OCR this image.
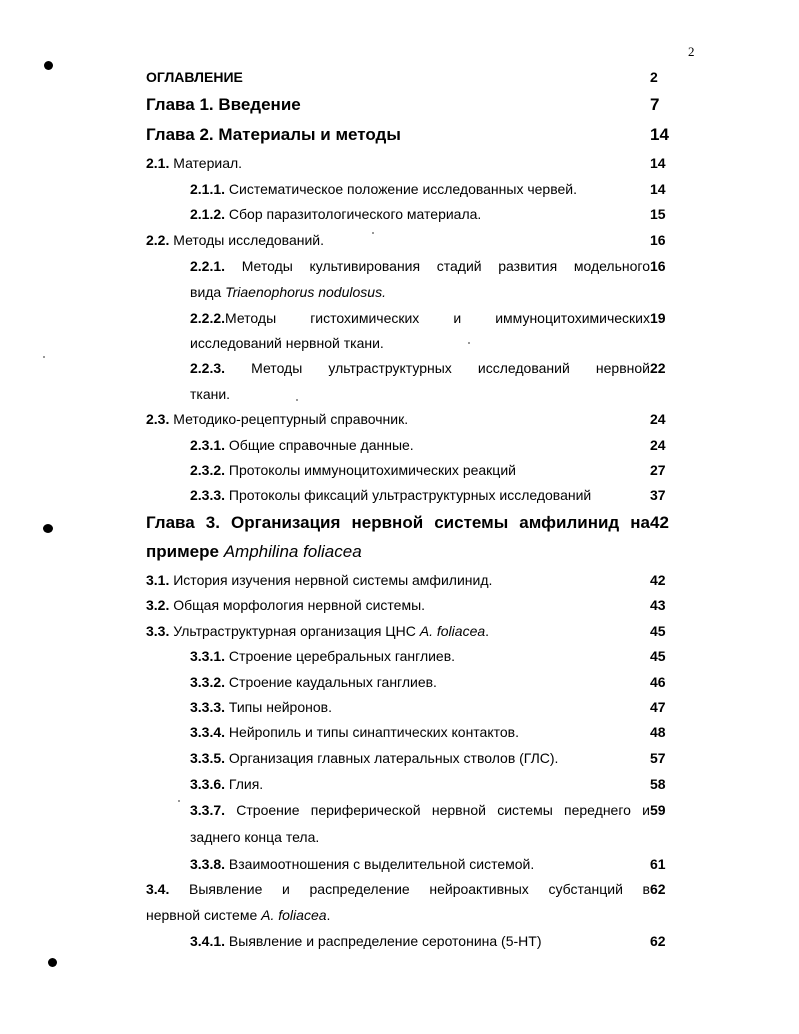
2
ОГЛАВЛЕНИЕ	2
Глава 1. Введение	7
Глава 2. Материалы и методы	14
2.1. Материал.	14
2.1.1. Систематическое положение исследованных червей.	14
2.1.2. Сбор паразитологического материала.	15
2.2. Методы исследований.	16
2.2.1. Методы культивирования стадий развития модельного 16
вида Triaenophorus nodulosus.
2.2.2.Методы гистохимических и иммуноцитохимических 19
исследований нервной ткани.
2.2.3. Методы ультраструктурных исследований нервной 22
ткани.
2.3. Методико-рецептурный справочник.	24
2.3.1. Общие справочные данные.	24
2.3.2. Протоколы иммуноцитохимических реакций	27
2.3.3. Протоколы фиксаций ультраструктурных исследований	37
Глава 3. Организация нервной системы амфилинид на 42
примере Amphilina foliacea
3.1. История изучения нервной системы амфилинид.	42
3.2. Общая морфология нервной системы.	43
3.3. Ультраструктурная организация ЦНС A. foliacea.	45
3.3.1. Строение церебральных ганглиев.	45
3.3.2. Строение каудальных ганглиев.	46
3.3.3. Типы нейронов.	47
3.3.4. Нейропиль и типы синаптических контактов.	48
3.3.5. Организация главных латеральных стволов (ГЛС).	57
3.3.6. Глия.	58
3.3.7. Строение периферической нервной системы переднего и 59
заднего конца тела.
3.3.8. Взаимоотношения с выделительной системой.	61
3.4. Выявление и распределение нейроактивных субстанций в 62
нервной системе A. foliacea.
3.4.1. Выявление и распределение серотонина (5-НТ)	62
